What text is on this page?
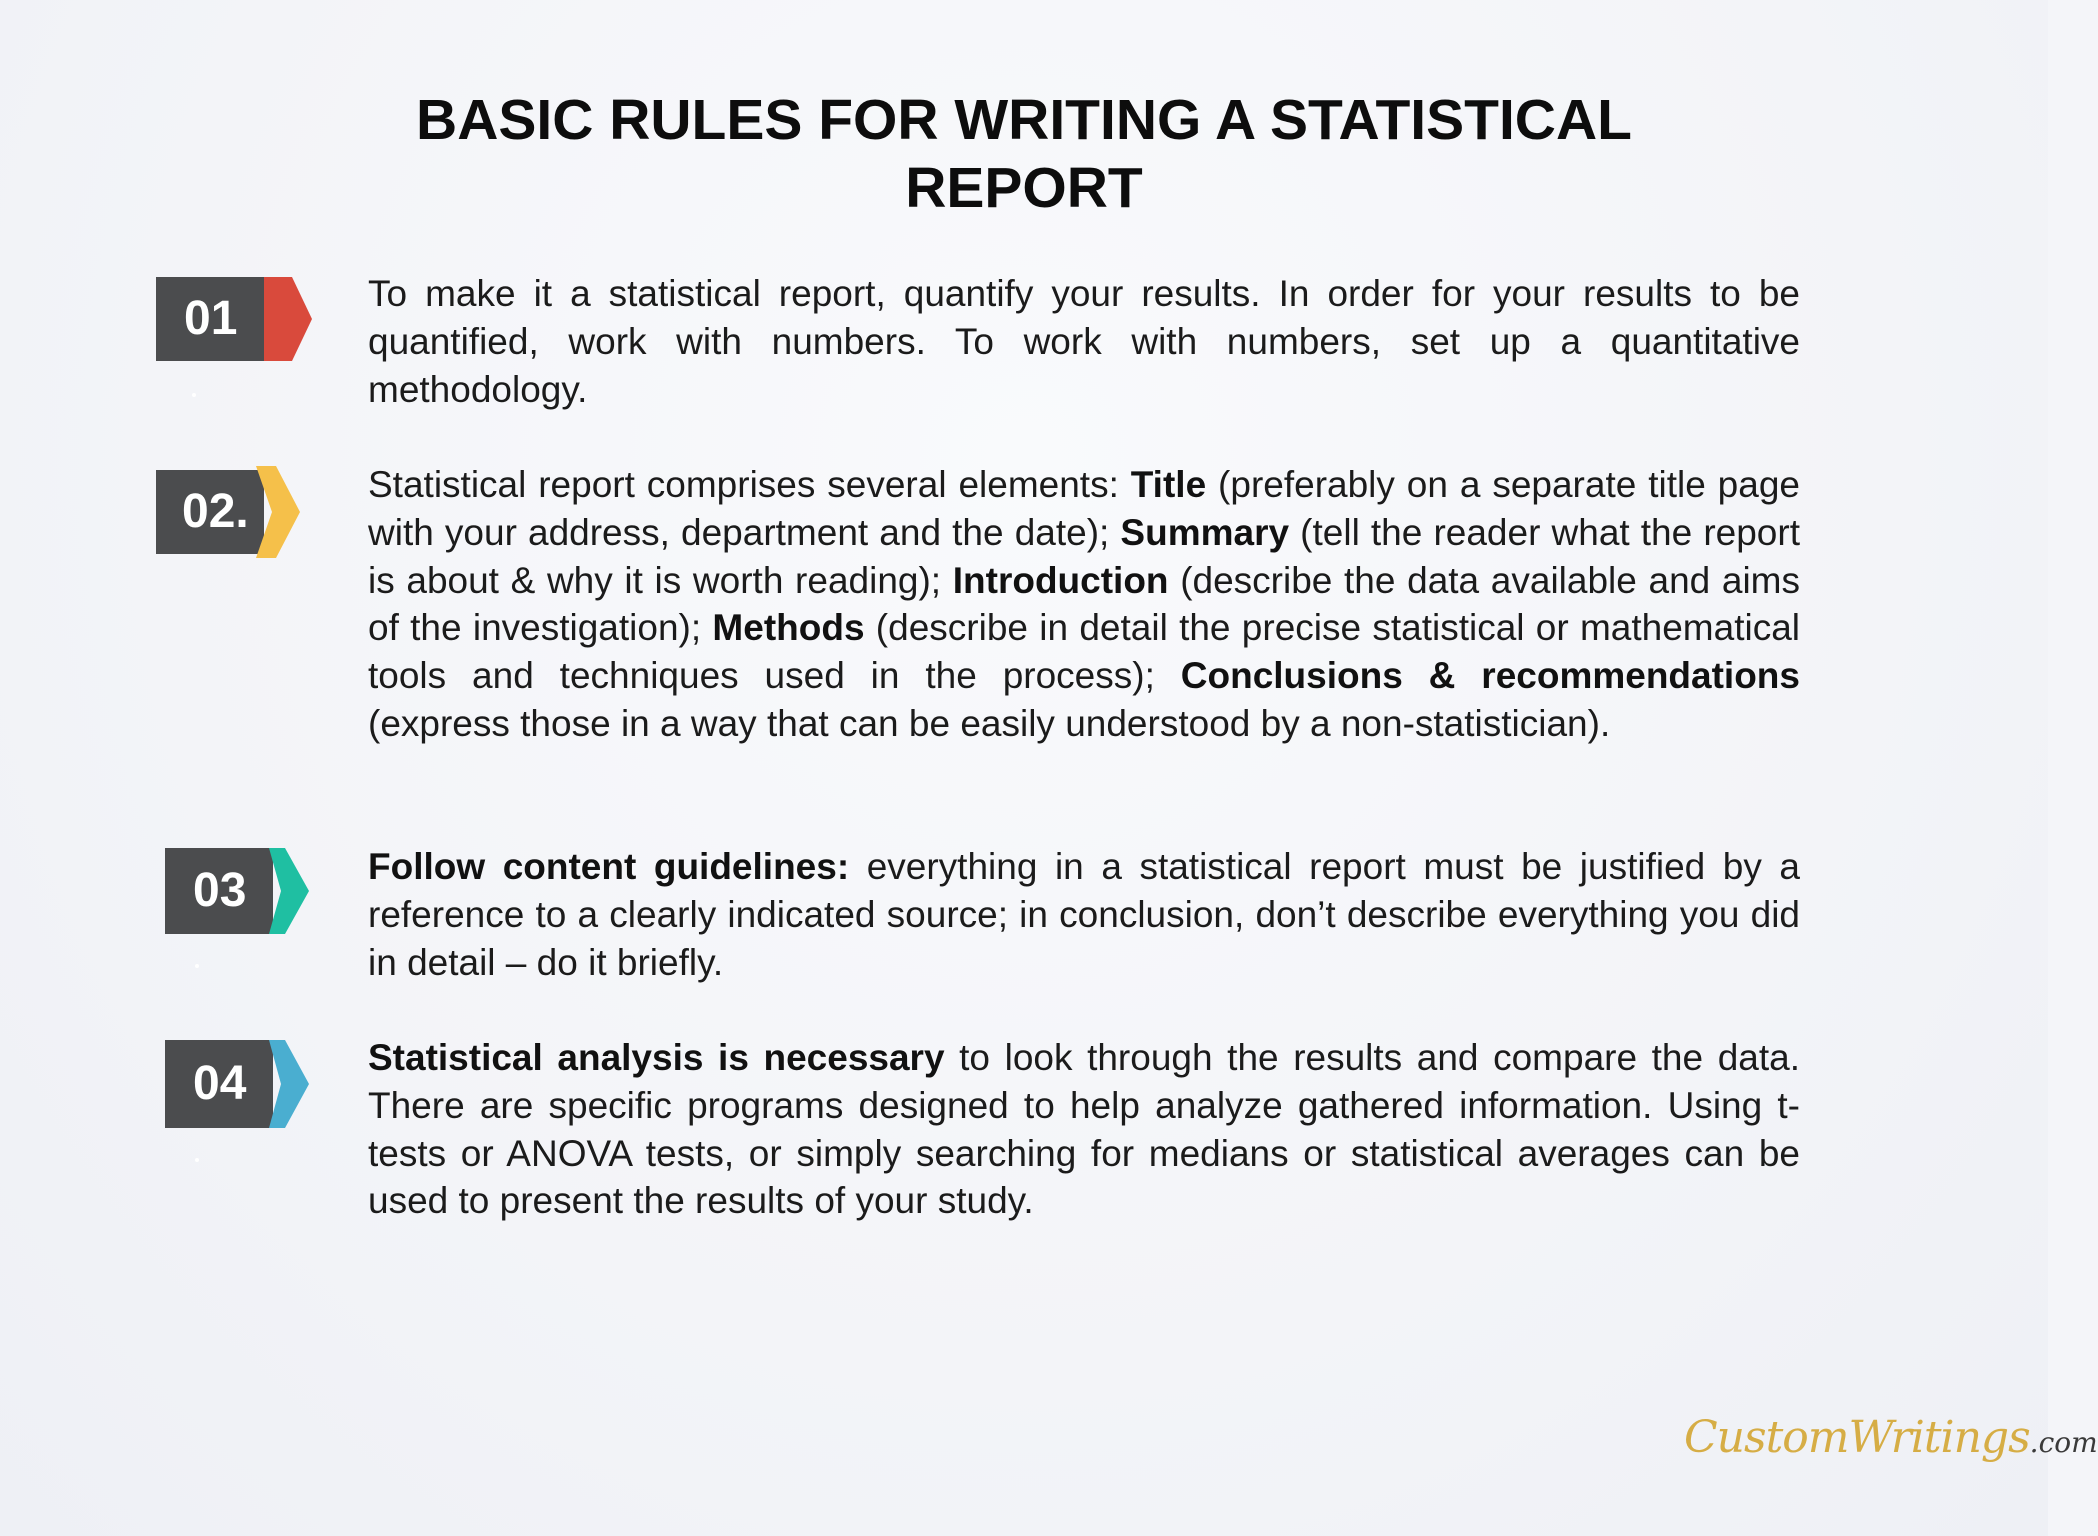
BASIC RULES FOR WRITING A STATISTICAL
REPORT
01	To make it a statistical report, quantify your results. In order for your results to be quantified, work with numbers. To work with numbers, set up a quantitative methodology.

02.

Statistical report comprises several elements: Title (preferably on a separate title page with your address, department and the date); Summary (tell the reader what the report is about & why it is worth reading); Introduction (describe the data available and aims of the investigation); Methods (describe in detail the precise statistical or mathematical tools and techniques used in the process); Conclusions & recommendations (express those in a way that can be easily understood by a non-statistician).

03	Follow content guidelines: everything in a statistical report must be justified by a reference to a clearly indicated source; in conclusion, don’t describe everything you did in detail – do it briefly.

04	Statistical analysis is necessary to look through the results and compare the data. There are specific programs designed to help analyze gathered information. Using t-tests or ANOVA tests, or simply searching for medians or statistical averages can be used to present the results of your study.

CustomWritings.com
